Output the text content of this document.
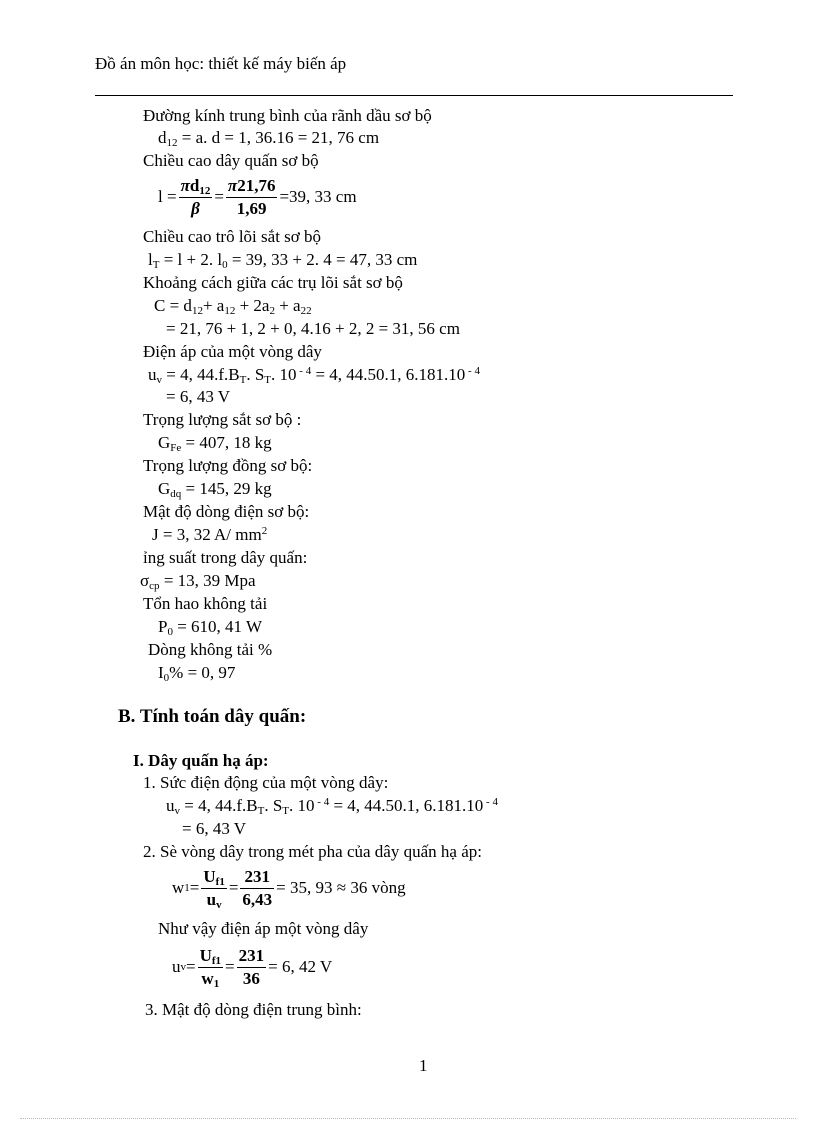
Đồ án môn học: thiết kế máy biến áp
Đường kính trung bình của rãnh dầu sơ bộ
$d_{12} = a$. d = 1, 36.16 = 21, 76 cm
Chiều cao dây quấn sơ bộ
$l = \frac{\pi d_{12}}{\beta} = \frac{\pi 21,76}{1,69} =39$, 33 cm
Chiều cao trô lõi sắt sơ bộ
$l_T = l + 2$. $l_0 = 39$, 33 + 2. 4 = 47, 33 cm
Khoảng cách giữa các trụ lõi sắt sơ bộ
$C = d_{12}+ a_{12} + 2a_2 + a_{22}$
= 21, 76 + 1, 2 + 0, 4.16 + 2, 2 = 31, 56 cm
Điện áp của một vòng dây
$u_v = 4$, $44.f.B_T$. $S_T$. 10 $^{- 4}$ = 4, 44.50.1, 6.181.10 $^{- 4}$
= 6, 43 V
Trọng lượng sắt sơ bộ :
$G_{Fe} = 407$, 18 kg
Trọng lượng đồng sơ bộ:
$G_{dq} = 145$, 29 kg
Mật độ dòng điện sơ bộ:
J = 3, 32 A/ $mm^2$
ỉng suất trong dây quấn:
$\sigma_{cp} = 13$, 39 Mpa
Tổn hao không tải
$P_0 = 610$, 41 W
Dòng không tải %
$I_0\% = 0$, 97
B. Tính toán dây quấn:
I. Dây quấn hạ áp:
1. Sức điện động của một vòng dây:
$u_v = 4$, $44.f.B_T$. $S_T$. 10 $^{- 4}$ = 4, 44.50.1, 6.181.10 $^{- 4}$
= 6, 43 V
2. Sè vòng dây trong mét pha của dây quấn hạ áp:
w $1 = \frac{U_{f1}}{u_v} = \frac{231}{6,43} = 35$, 93 ≈ 36 vòng
Như vậy điện áp một vòng dây
u $v = \frac{U_{f1}}{w_1} = \frac{231}{36} = 6$, 42 V
3. Mật độ dòng điện trung bình:
1
